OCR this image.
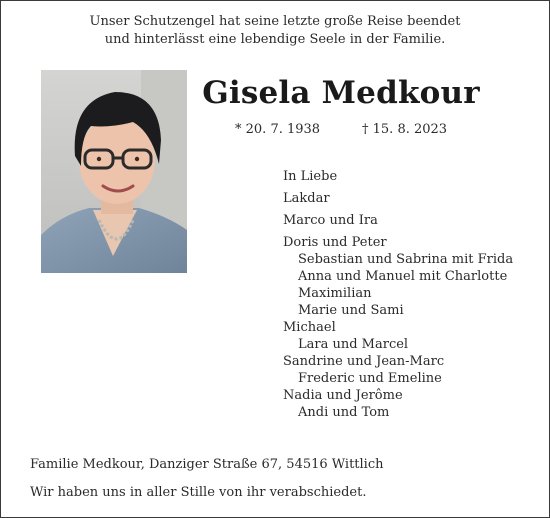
Unser Schutzengel hat seine letzte große Reise beendet
und hinterlässt eine lebendige Seele in der Familie.
Gisela Medkour
* 20. 7. 1938	† 15. 8. 2023
In Liebe
Lakdar
Marco und Ira
Doris und Peter
Sebastian und Sabrina mit Frida
Anna und Manuel mit Charlotte
Maximilian
Marie und Sami
Michael
Lara und Marcel
Sandrine und Jean-Marc
Frederic und Emeline
Nadia und Jerôme
Andi und Tom
Familie Medkour, Danziger Straße 67, 54516 Wittlich
Wir haben uns in aller Stille von ihr verabschiedet.
